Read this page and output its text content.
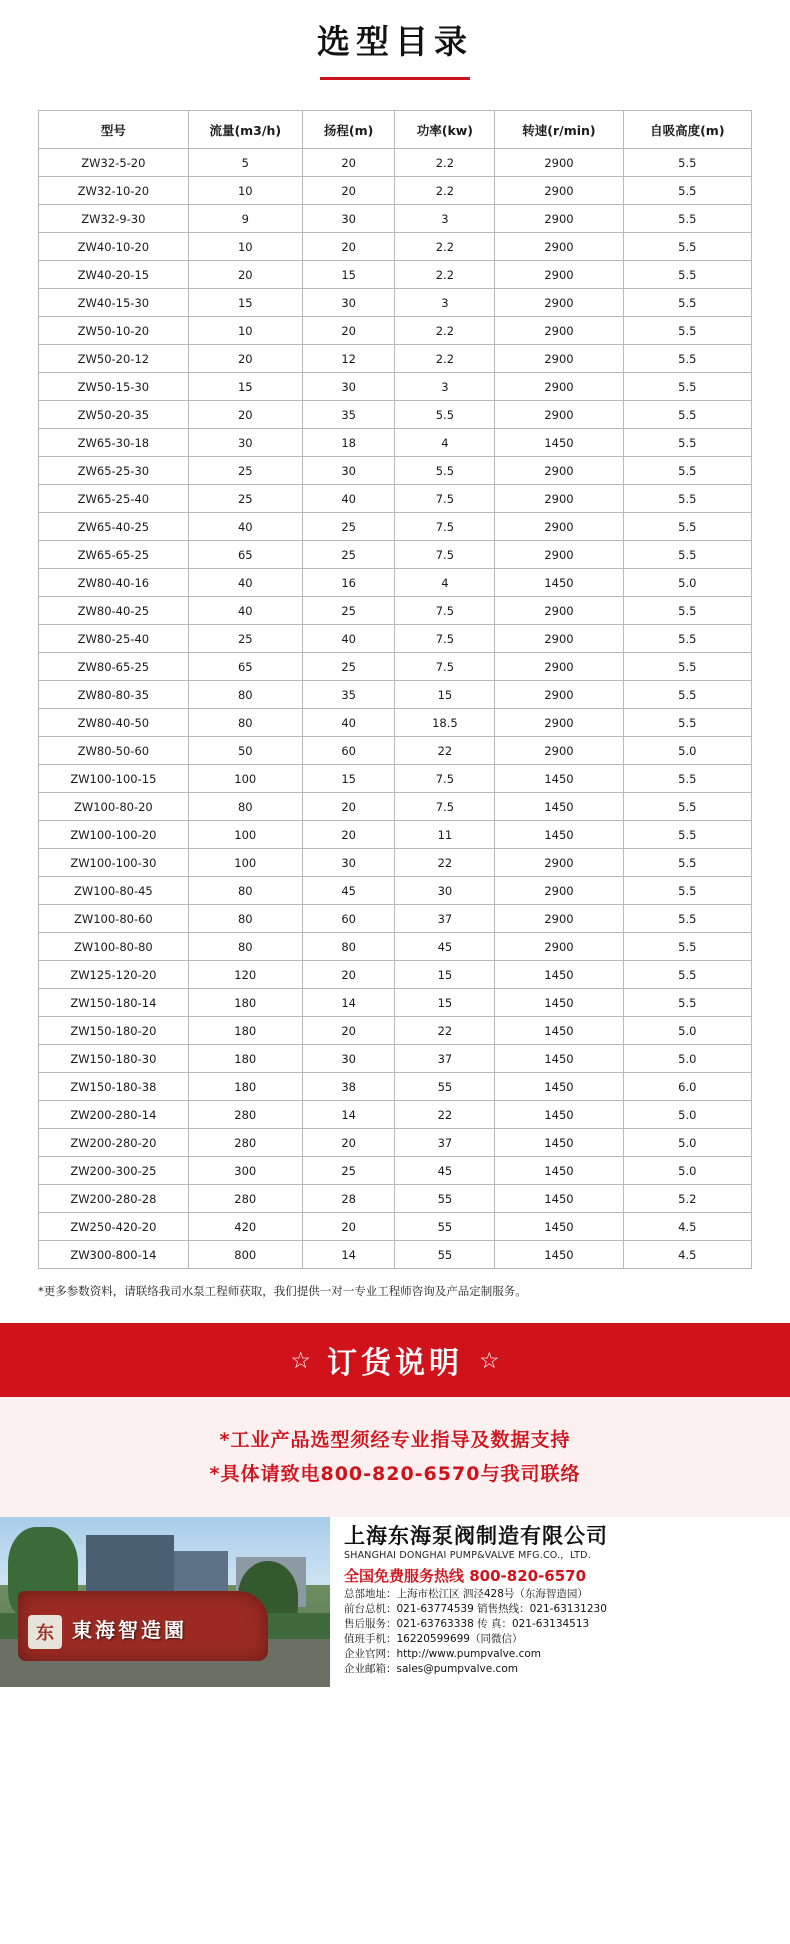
选型目录
型号	流量(m3/h)	扬程(m)	功率(kw)	转速(r/min)	自吸高度(m)
ZW32-5-20	5	20	2.2	2900	5.5
ZW32-10-20	10	20	2.2	2900	5.5
ZW32-9-30	9	30	3	2900	5.5
ZW40-10-20	10	20	2.2	2900	5.5
ZW40-20-15	20	15	2.2	2900	5.5
ZW40-15-30	15	30	3	2900	5.5
ZW50-10-20	10	20	2.2	2900	5.5
ZW50-20-12	20	12	2.2	2900	5.5
ZW50-15-30	15	30	3	2900	5.5
ZW50-20-35	20	35	5.5	2900	5.5
ZW65-30-18	30	18	4	1450	5.5
ZW65-25-30	25	30	5.5	2900	5.5
ZW65-25-40	25	40	7.5	2900	5.5
ZW65-40-25	40	25	7.5	2900	5.5
ZW65-65-25	65	25	7.5	2900	5.5
ZW80-40-16	40	16	4	1450	5.0
ZW80-40-25	40	25	7.5	2900	5.5
ZW80-25-40	25	40	7.5	2900	5.5
ZW80-65-25	65	25	7.5	2900	5.5
ZW80-80-35	80	35	15	2900	5.5
ZW80-40-50	80	40	18.5	2900	5.5
ZW80-50-60	50	60	22	2900	5.0
ZW100-100-15	100	15	7.5	1450	5.5
ZW100-80-20	80	20	7.5	1450	5.5
ZW100-100-20	100	20	11	1450	5.5
ZW100-100-30	100	30	22	2900	5.5
ZW100-80-45	80	45	30	2900	5.5
ZW100-80-60	80	60	37	2900	5.5
ZW100-80-80	80	80	45	2900	5.5
ZW125-120-20	120	20	15	1450	5.5
ZW150-180-14	180	14	15	1450	5.5
ZW150-180-20	180	20	22	1450	5.0
ZW150-180-30	180	30	37	1450	5.0
ZW150-180-38	180	38	55	1450	6.0
ZW200-280-14	280	14	22	1450	5.0
ZW200-280-20	280	20	37	1450	5.0
ZW200-300-25	300	25	45	1450	5.0
ZW200-280-28	280	28	55	1450	5.2
ZW250-420-20	420	20	55	1450	4.5
ZW300-800-14	800	14	55	1450	4.5
*更多参数资料，请联络我司水泵工程师获取，我们提供一对一专业工程师咨询及产品定制服务。
☆ 订货说明 ☆
*工业产品选型须经专业指导及数据支持
*具体请致电800-820-6570与我司联络
东 東海智造園
上海东海泵阀制造有限公司
SHANGHAI DONGHAI PUMP&VALVE MFG.CO.，LTD.
全国免费服务热线 800-820-6570
总部地址：上海市松江区 泗泾428号（东海智造园）
前台总机：021-63774539 销售热线：021-63131230
售后服务：021-63763338 传 真：021-63134513
值班手机：16220599699（同微信）
企业官网：http://www.pumpvalve.com
企业邮箱：sales@pumpvalve.com
